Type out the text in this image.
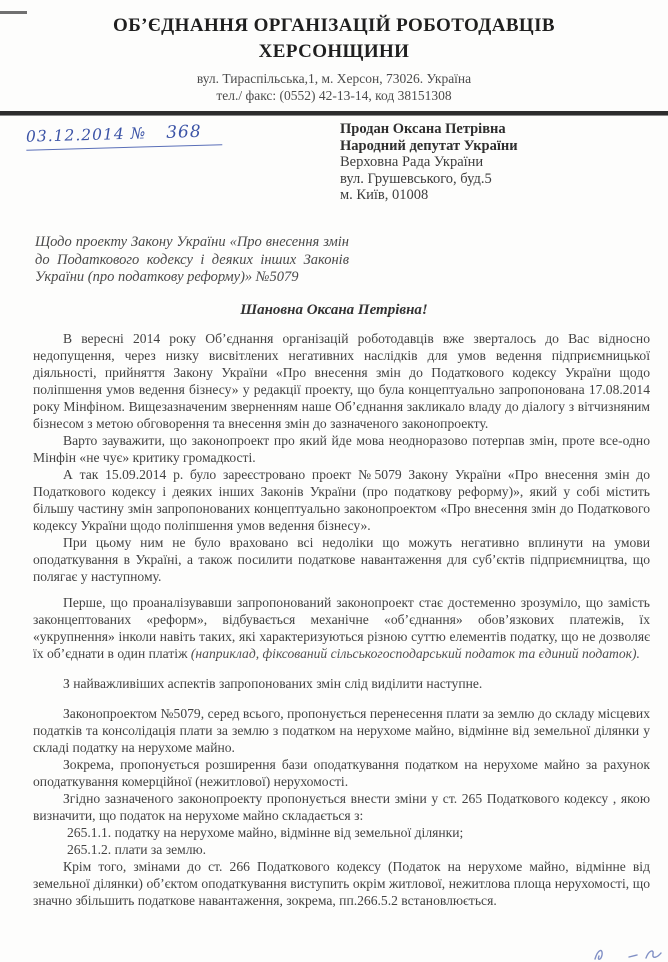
ОБ’ЄДНАННЯ ОРГАНІЗАЦІЙ РОБОТОДАВЦІВ
ХЕРСОНЩИНИ
вул. Тираспільська,1, м. Херсон, 73026. Україна
тел./ факс: (0552) 42-13-14, код 38151308
03.12.2014 № 368	Продан Оксана Петрівна
Народний депутат України
Верховна Рада України
вул. Грушевського, буд.5
м. Київ, 01008
Щодо проекту Закону України «Про внесення змін до Податкового кодексу і деяких інших Законів України (про податкову реформу)» №5079
Шановна Оксана Петрівна!

В вересні 2014 року Об’єднання організацій роботодавців вже зверталось до Вас відносно недопущення, через низку висвітлених негативних наслідків для умов ведення підприємницької діяльності, прийняття Закону України «Про внесення змін до Податкового кодексу України щодо поліпшення умов ведення бізнесу» у редакції проекту, що була концептуально запропонована 17.08.2014 року Мінфіном. Вищезазначеним зверненням наше Об’єднання закликало владу до діалогу з вітчизняним бізнесом з метою обговорення та внесення змін до зазначеного законопроекту.

Варто зауважити, що законопроект про який йде мова неодноразово потерпав змін, проте все-одно Мінфін «не чує» критику громадкості.

А так 15.09.2014 р. було зареєстровано проект №5079 Закону України «Про внесення змін до Податкового кодексу і деяких інших Законів України (про податкову реформу)», який у собі містить більшу частину змін запропонованих концептуально законопроектом «Про внесення змін до Податкового кодексу України щодо поліпшення умов ведення бізнесу».

При цьому ним не було враховано всі недоліки що можуть негативно вплинути на умови оподаткування в Україні, а також посилити податкове навантаження для суб’єктів підприємництва, що полягає у наступному.

Перше, що проаналізувавши запропонований законопроект стає достеменно зрозуміло, що замість законцептованих «реформ», відбувається механічне «об’єднання» обов’язкових платежів, їх «укрупнення» інколи навіть таких, які характеризуються різною суттю елементів податку, що не дозволяє їх об’єднати в один платіж (наприклад, фіксований сільськогосподарський податок та єдиний податок).

З найважливіших аспектів запропонованих змін слід виділити наступне.

Законопроектом №5079, серед всього, пропонується перенесення плати за землю до складу місцевих податків та консолідація плати за землю з податком на нерухоме майно, відмінне від земельної ділянки у складі податку на нерухоме майно.

Зокрема, пропонується розширення бази оподаткування податком на нерухоме майно за рахунок оподаткування комерційної (нежитлової) нерухомості.

Згідно зазначеного законопроекту пропонується внести зміни у ст. 265 Податкового кодексу , якою визначити, що податок на нерухоме майно складається з:

265.1.1. податку на нерухоме майно, відмінне від земельної ділянки;

265.1.2. плати за землю.

Крім того, змінами до ст. 266 Податкового кодексу (Податок на нерухоме майно, відмінне від земельної ділянки) об’єктом оподаткування виступить окрім житлової, нежитлова площа нерухомості, що значно збільшить податкове навантаження, зокрема, пп.266.5.2 встановлюється.
